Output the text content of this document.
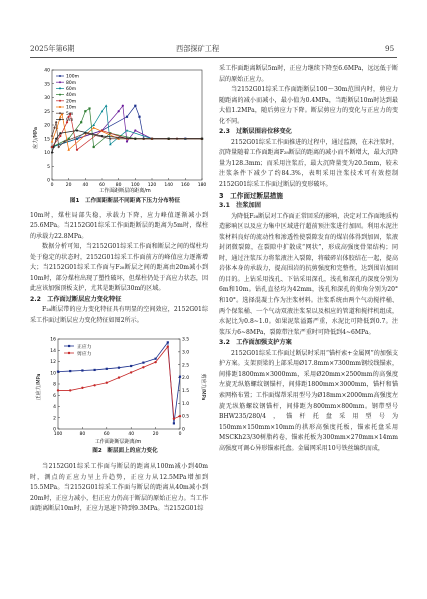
2025年第6期	西部探矿工程	95
0
5
10
15
20
25
30
35
40
0	20 40 60 80 100 120 140 160 180
100m
80m
60m
40m
20m
10m
5m
0m
应力/MPa
工作面距断层的距离/m

图1　工作面距断层不同距离下压力分布特征

10m时，煤柱局部失稳，承载力下降，应力峰值逐渐减小到25.6MPa。当2152G01综采工作面距断层的距离为5m时，煤柱的承载力22.8MPa。

数据分析可知，当2152G01综采工作面和断层之间的煤柱均处于稳定的状态时，2152G01综采工作面前方的峰值应力逐渐增大；当2152G01综采工作面与F₂₈断层之间的距离由20m减小到10m时，部分煤柱出现了塑性破坏，但煤柱仍处于高应力状态，因此应该加强顶板支护，尤其是距断层30m的区域。

2.2　工作面过断层应力变化特征

F₂₈断层带的应力变化特征具有明显的空间效应，2152G01综采工作面过断层应力变化特征如图2所示。

0
2
4
6
8
10
12
14
16
0
0.5
1.0
1.5
2.0
2.5
3.0
3.5
100	80	60	40	20	0
正应力
剪应力
正应力/MPa	剪应力/MPa
工作面距断层距离/m

图2　断层面上的应力变化

当2152G01综采工作面与断层的距离从100m减小到40m时，测点的正应力呈上升趋势，正应力从12.5MPa增加到15.5MPa。当2152G01综采工作面与断层的距离从40m减小到20m时，正应力减小，但正应力仍高于断层的原始正应力。当工作面距离断层10m时，正应力迅速下降到9.3MPa。当2152G01综

采工作面距离断层5m时，正应力继续下降至6.6MPa，远远低于断层的原始正应力。

当2152G01综采工作面距断层100～30m范围内时，剪应力随距离的减小而减小，最小值为0.4MPa，当距断层10m时达到最大值1.2MPa，随后剪应力下降。断层剪应力的变化与正应力的变化不同。

2.3　过断层围岩位移变化

2152G01综采工作面推进的过程中，通过监测，在未注浆时，沉降量随着工作面距离F₂₈断层的距离的减小而不断增大，最大沉降量为128.3mm；而采用注浆后，最大沉降量变为20.5mm，较未注浆条件下减少了约84.3%，表明采用注浆技术可有效控制2152G01综采工作面过断层的变形破坏。

3　工作面过断层措施

3.1　注浆加固

为降低F₂₈断层对工作面正常回采的影响，决定对工作面地质构造影响区以及应力集中区域进行超前预注浆进行加固。利用水泥注浆材料良好的流动性和渗透性使裂隙发育的煤岩体得到加固，浆液封闭微裂隙，在裂隙中扩散成“网状”，形成高强度骨架结构；同时，通过注浆压力将浆液注入裂隙，将破碎岩体胶结在一起，提高岩体本身的承载力，提高围岩的抗剪强度和完整性，达到围岩加固的目的。上钻采用浅孔、下钻采用深孔，浅孔和深孔的深度分别为6m和10m。钻孔直径均为42mm，浅孔和深孔的仰角分别为20°和10°。选择混凝土作为注浆材料。注浆系统由两个气动搅拌桶、两个保浆桶、一个气动双液注浆泵以及相应的管道和搅拌机组成，水泥比为0.8~1.0。如果泥浆溢露严重，水泥比可降低到0.7。注浆压力6~8MPa，裂隙带注浆严重时可降低到4~6MPa。

3.2　工作面加强支护方案

2152G01综采工作面过断层时采用“锚杆索+金属网”的加强支护方案。支架顶梁的上部采用Ø17.8mm×7300mm钢绞线锚索，间排距1800mm×3000mm，采用Ø20mm×2500mm的高强度左旋无纵筋螺纹钢锚杆，间排距1800mm×3000mm，锚杆和锚索网格布置；工作面煤帮采用型号为Ø18mm×2000mm高强度左旋无纵筋螺纹钢锚杆，间排距为800mm×800mm。钢带型号BHW235/280/4，锚杆托盘采用型号为150mm×150mm×10mm的拱形高强度托板，锚索托盘采用MSCKh23/30树脂药卷，锚索托板为300mm×270mm×14mm高强度可调心异形锚索托盘。金属网采用10号铁丝编织而成，
